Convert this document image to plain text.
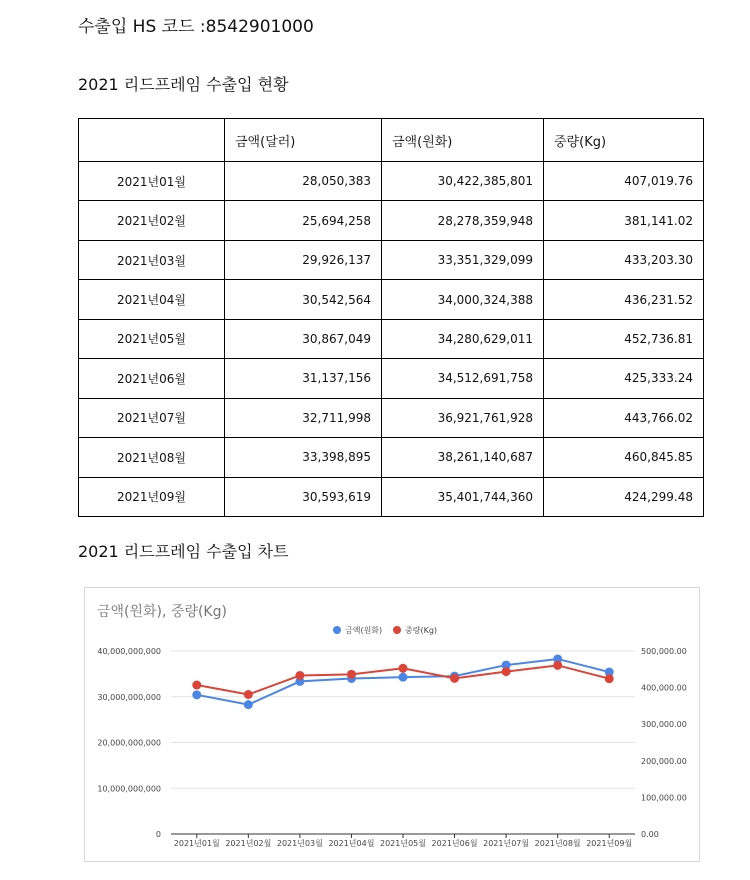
수출입 HS 코드 :8542901000
2021 리드프레임 수출입 현황
	금액(달러)	금액(원화)	중량(Kg)
2021년01월	28,050,383	30,422,385,801	407,019.76
2021년02월	25,694,258	28,278,359,948	381,141.02
2021년03월	29,926,137	33,351,329,099	433,203.30
2021년04월	30,542,564	34,000,324,388	436,231.52
2021년05월	30,867,049	34,280,629,011	452,736.81
2021년06월	31,137,156	34,512,691,758	425,333.24
2021년07월	32,711,998	36,921,761,928	443,766.02
2021년08월	33,398,895	38,261,140,687	460,845.85
2021년09월	30,593,619	35,401,744,360	424,299.48
2021 리드프레임 수출입 차트
금액(원화), 중량(Kg)
금액(원화)	중량(Kg)
0
10,000,000,000
20,000,000,000
30,000,000,000
40,000,000,000
0.00
100,000.00
200,000.00
300,000.00
400,000.00
500,000.00
2021년01월 2021년02월 2021년03월 2021년04월 2021년05월 2021년06월 2021년07월 2021년08월 2021년09월
